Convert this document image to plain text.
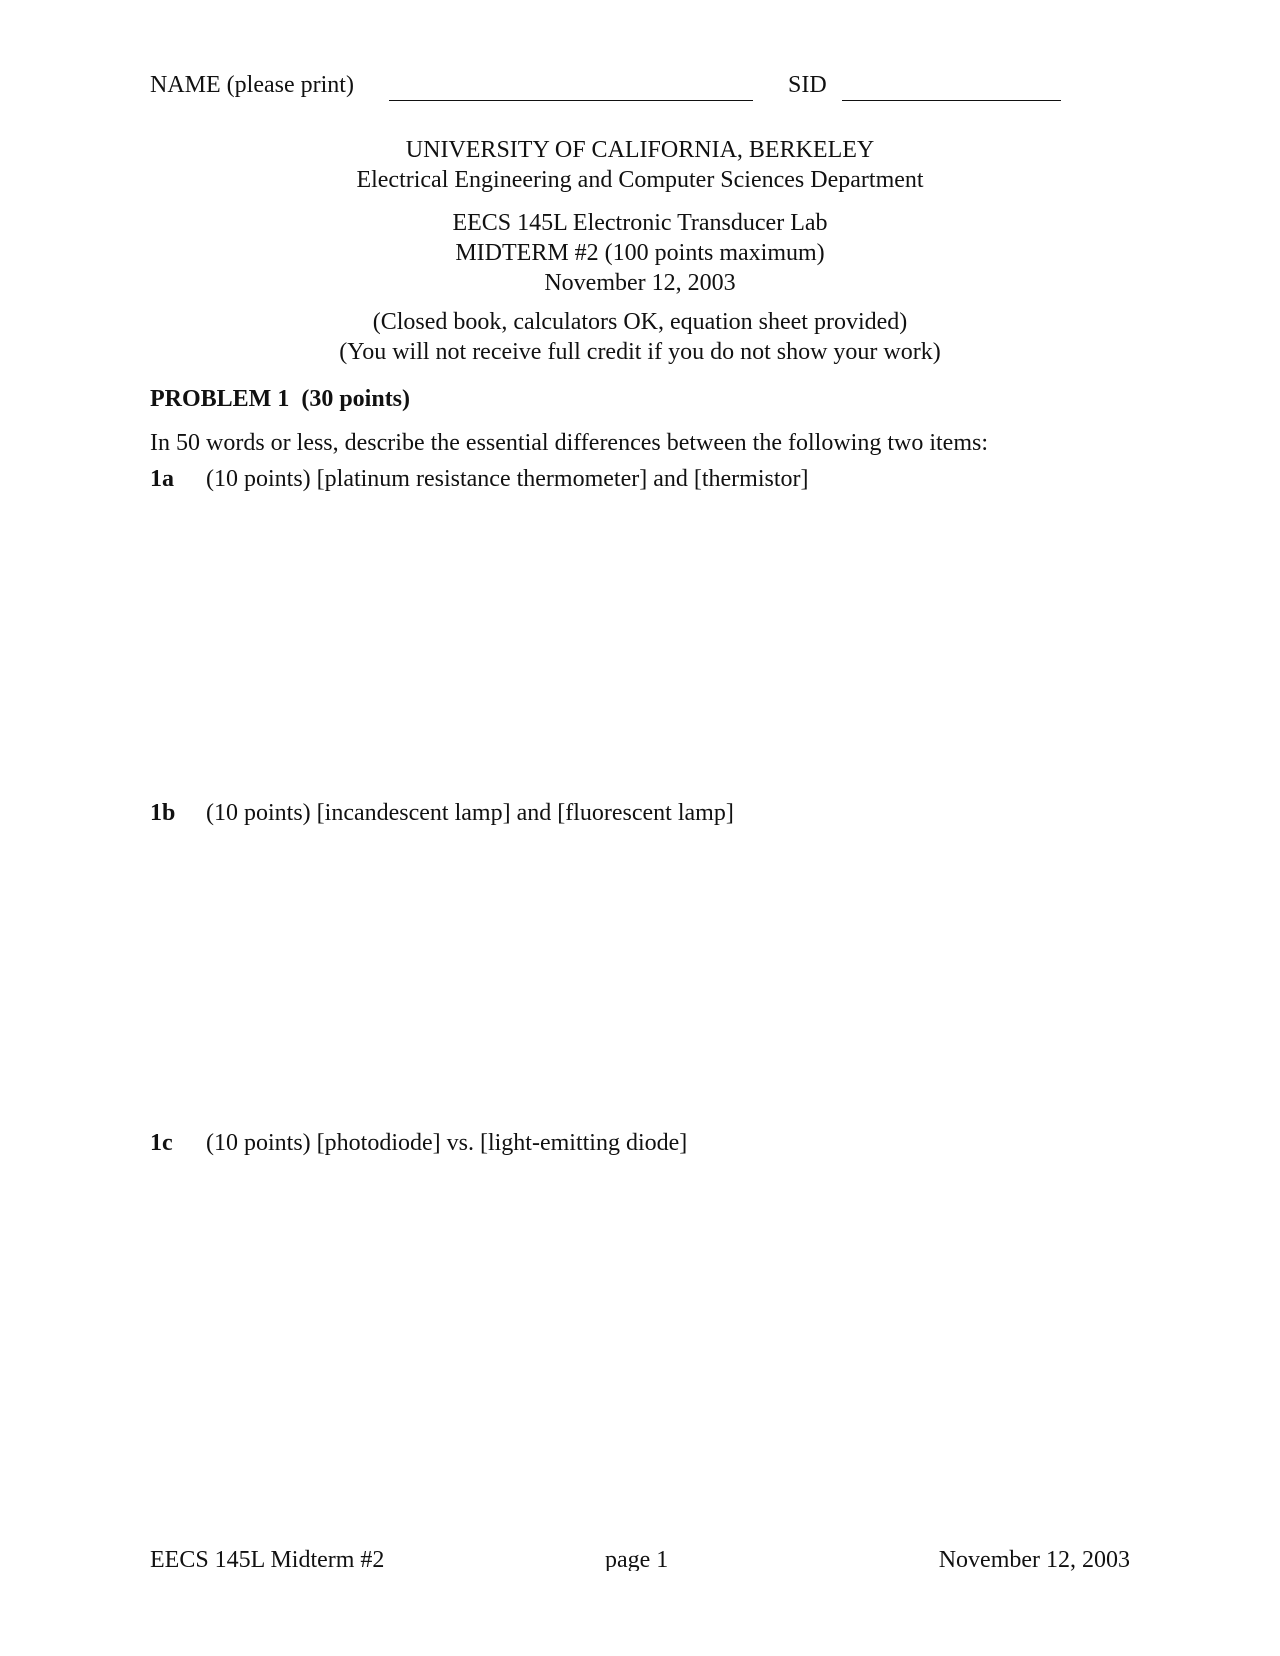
NAME (please print)	SID
UNIVERSITY OF CALIFORNIA, BERKELEY
Electrical Engineering and Computer Sciences Department
EECS 145L Electronic Transducer Lab
MIDTERM #2 (100 points maximum)
November 12, 2003
(Closed book, calculators OK, equation sheet provided)
(You will not receive full credit if you do not show your work)
PROBLEM 1  (30 points)
In 50 words or less, describe the essential differences between the following two items:
1a (10 points) [platinum resistance thermometer] and [thermistor]
1b (10 points) [incandescent lamp] and [fluorescent lamp]
1c (10 points) [photodiode] vs. [light-emitting diode]
EECS 145L Midterm #2	page 1	November 12, 2003
